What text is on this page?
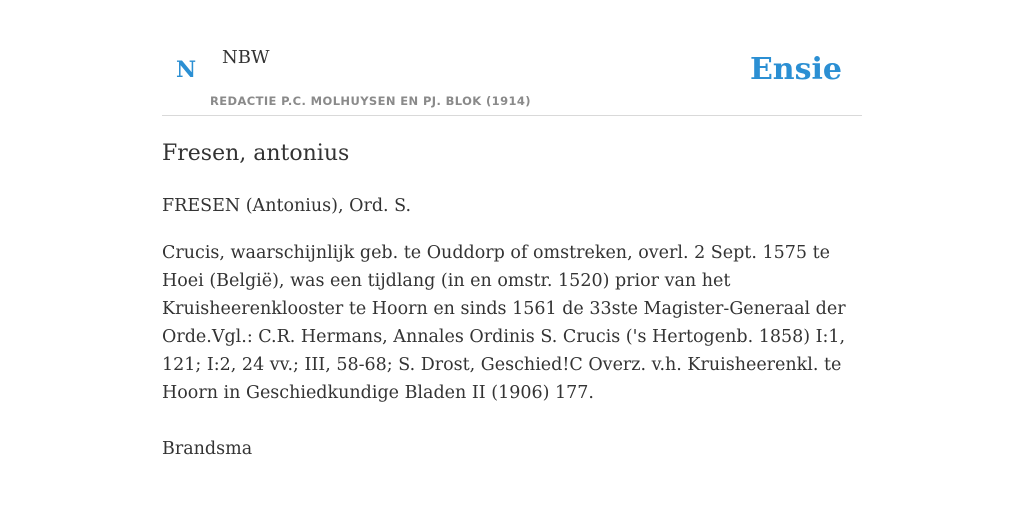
N NBW
REDACTIE P.C. MOLHUYSEN EN PJ. BLOK (1914)
Ensie
Fresen, antonius

FRESEN (Antonius), Ord. S.

Crucis, waarschijnlijk geb. te Ouddorp of omstreken, overl. 2 Sept. 1575 te Hoei (België), was een tijdlang (in en omstr. 1520) prior van het Kruisheerenklooster te Hoorn en sinds 1561 de 33ste Magister-Generaal der Orde.Vgl.: C.R. Hermans, Annales Ordinis S. Crucis ('s Hertogenb. 1858) I:1, 121; I:2, 24 vv.; III, 58-68; S. Drost, Geschied!C Overz. v.h. Kruisheerenkl. te Hoorn in Geschiedkundige Bladen II (1906) 177.

Brandsma
